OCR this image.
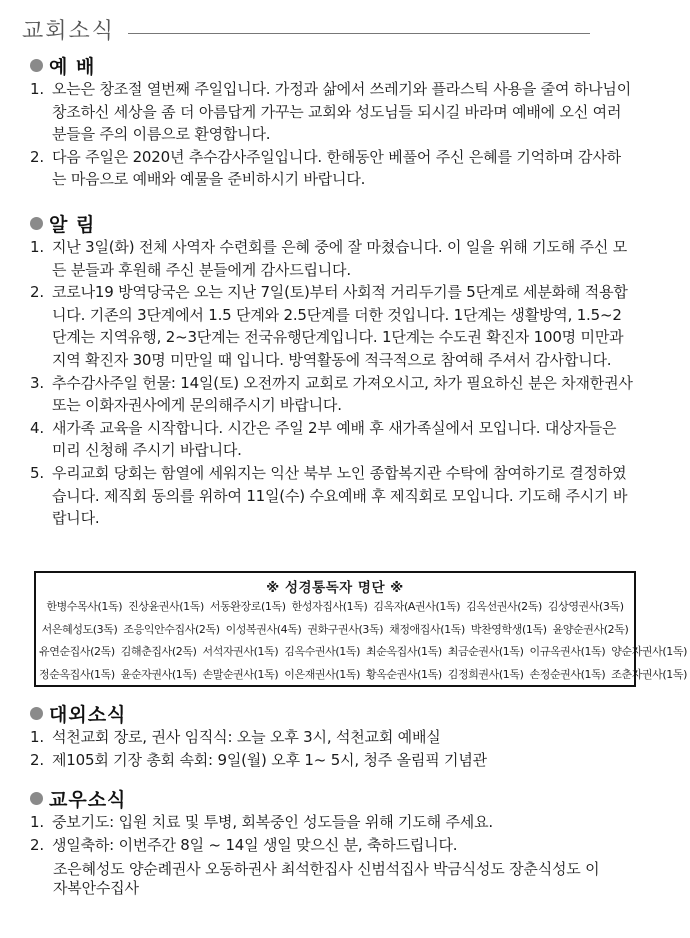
교회소식
예 배
1. 오는은 창조절 열번째 주일입니다. 가정과 삶에서 쓰레기와 플라스틱 사용을 줄여 하나님이 창조하신 세상을 좀 더 아름답게 가꾸는 교회와 성도님들 되시길 바라며 예배에 오신 여러분들을 주의 이름으로 환영합니다.
2. 다음 주일은 2020년 추수감사주일입니다. 한해동안 베풀어 주신 은혜를 기억하며 감사하는 마음으로 예배와 예물을 준비하시기 바랍니다.
알 림
1. 지난 3일(화) 전체 사역자 수련회를 은혜 중에 잘 마쳤습니다. 이 일을 위해 기도해 주신 모든 분들과 후원해 주신 분들에게 감사드립니다.
2. 코로나19 방역당국은 오는 지난 7일(토)부터 사회적 거리두기를 5단계로 세분화해 적용합니다. 기존의 3단계에서 1.5 단계와 2.5단계를 더한 것입니다. 1단계는 생활방역, 1.5~2단계는 지역유행, 2~3단계는 전국유행단계입니다. 1단계는 수도권 확진자 100명 미만과 지역 확진자 30명 미만일 때 입니다. 방역활동에 적극적으로 참여해 주셔서 감사합니다.
3. 추수감사주일 헌물: 14일(토) 오전까지 교회로 가져오시고, 차가 필요하신 분은 차재한권사 또는 이화자권사에게 문의해주시기 바랍니다.
4. 새가족 교육을 시작합니다. 시간은 주일 2부 예배 후 새가족실에서 모입니다. 대상자들은 미리 신청해 주시기 바랍니다.
5. 우리교회 당회는 함열에 세워지는 익산 북부 노인 종합복지관 수탁에 참여하기로 결정하였습니다. 제직회 동의를 위하여 11일(수) 수요예배 후 제직회로 모입니다. 기도해 주시기 바랍니다.
※ 성경통독자 명단 ※
한병수목사(1독) 진상윤권사(1독) 서동완장로(1독) 한성자집사(1독) 김옥자(A권사(1독) 김옥선권사(2독) 김상영권사(3독)
서은혜성도(3독) 조응익안수집사(2독) 이성복권사(4독) 권화구권사(3독) 채정애집사(1독) 박찬영학생(1독) 윤양순권사(2독)
유연순집사(2독) 김해춘집사(2독) 서석자권사(1독) 김옥수권사(1독) 최순옥집사(1독) 최금순권사(1독) 이규옥권사(1독) 양순자권사(1독)
정순옥집사(1독) 윤순자권사(1독) 손말순권사(1독) 이은재권사(1독) 황옥순권사(1독) 김정희권사(1독) 손정순권사(1독) 조춘자권사(1독)
대외소식
1. 석천교회 장로, 권사 임직식: 오늘 오후 3시, 석천교회 예배실
2. 제105회 기장 총회 속회: 9일(월) 오후 1~ 5시, 청주 올림픽 기념관
교우소식
1. 중보기도: 입원 치료 및 투병, 회복중인 성도들을 위해 기도해 주세요.
2. 생일축하: 이번주간 8일 ~ 14일 생일 맞으신 분, 축하드립니다.
조은혜성도 양순례권사 오동하권사 최석한집사 신범석집사 박금식성도 장춘식성도 이자복안수집사
